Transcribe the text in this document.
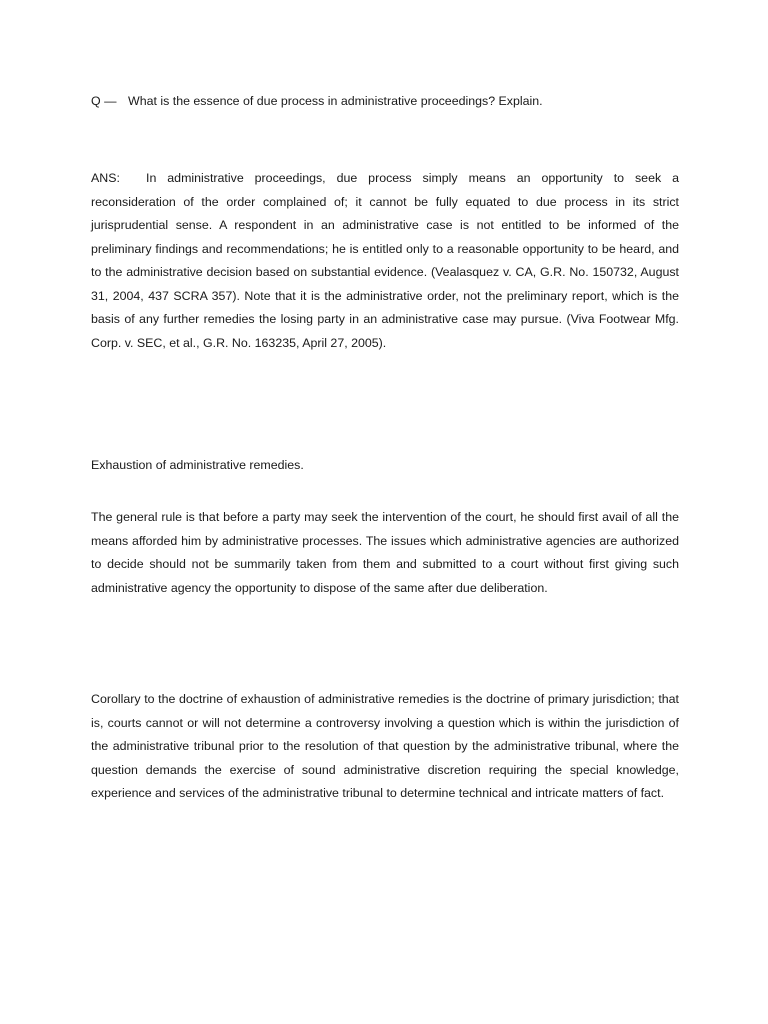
Q — What is the essence of due process in administrative proceedings? Explain.
ANS: In administrative proceedings, due process simply means an opportunity to seek a reconsideration of the order complained of; it cannot be fully equated to due process in its strict jurisprudential sense. A respondent in an administrative case is not entitled to be informed of the preliminary findings and recommendations; he is entitled only to a reasonable opportunity to be heard, and to the administrative decision based on substantial evidence. (Vealasquez v. CA, G.R. No. 150732, August 31, 2004, 437 SCRA 357). Note that it is the administrative order, not the preliminary report, which is the basis of any further remedies the losing party in an administrative case may pursue. (Viva Footwear Mfg. Corp. v. SEC, et al., G.R. No. 163235, April 27, 2005).
Exhaustion of administrative remedies.
The general rule is that before a party may seek the intervention of the court, he should first avail of all the means afforded him by administrative processes. The issues which administrative agencies are authorized to decide should not be summarily taken from them and submitted to a court without first giving such administrative agency the opportunity to dispose of the same after due deliberation.
Corollary to the doctrine of exhaustion of administrative remedies is the doctrine of primary jurisdiction; that is, courts cannot or will not determine a controversy involving a question which is within the jurisdiction of the administrative tribunal prior to the resolution of that question by the administrative tribunal, where the question demands the exercise of sound administrative discretion requiring the special knowledge, experience and services of the administrative tribunal to determine technical and intricate matters of fact.
